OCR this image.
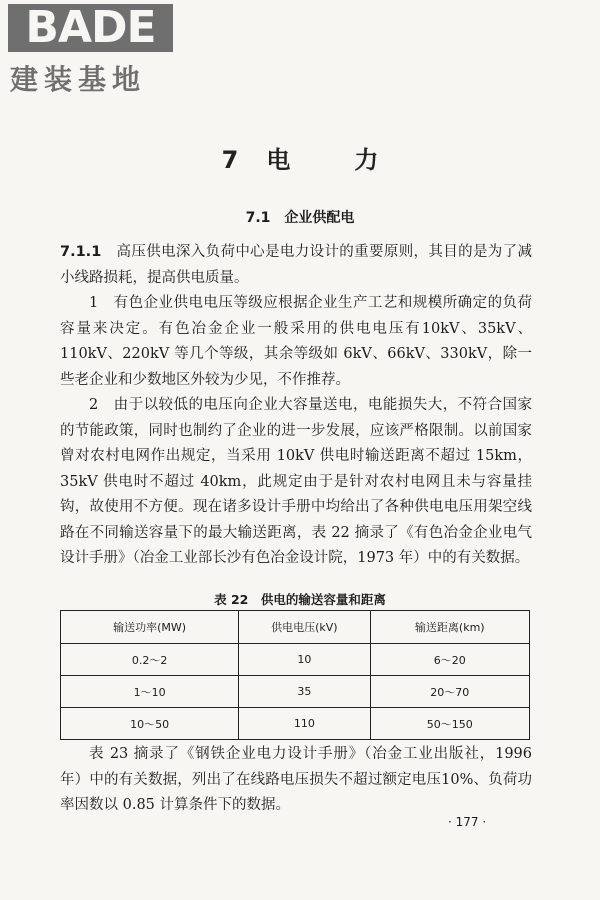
BADE
建装基地
7 电	力
7.1　 企业供配电

7.1.1　 高压供电深入负荷中心是电力设计的重要原则，其目的是为了减小线路损耗，提高供电质量。

1　 有色企业供电电压等级应根据企业生产工艺和规模所确定的负荷容量来决定。有色冶金企业一般采用的供电电压有10kV、35kV、110kV、220kV 等几个等级，其余等级如 6kV、66kV、330kV，除一些老企业和少数地区外较为少见，不作推荐。

2　 由于以较低的电压向企业大容量送电，电能损失大，不符合国家的节能政策，同时也制约了企业的进一步发展，应该严格限制。以前国家曾对农村电网作出规定，当采用 10kV 供电时输送距离不超过 15km，35kV 供电时不超过 40km，此规定由于是针对农村电网且未与容量挂钩，故使用不方便。现在诸多设计手册中均给出了各种供电电压用架空线路在不同输送容量下的最大输送距离，表 22 摘录了《有色冶金企业电气设计手册》（冶金工业部长沙有色冶金设计院，1973 年）中的有关数据。

表 22　供电的输送容量和距离
输送功率(MW)	供电电压(kV)	输送距离(km)
0.2～2	10	6～20
1～10	35	20～70
10～50	110	50～150

表 23 摘录了《钢铁企业电力设计手册》（冶金工业出版社，1996 年）中的有关数据，列出了在线路电压损失不超过额定电压10%、负荷功率因数以 0.85 计算条件下的数据。

· 177 ·
